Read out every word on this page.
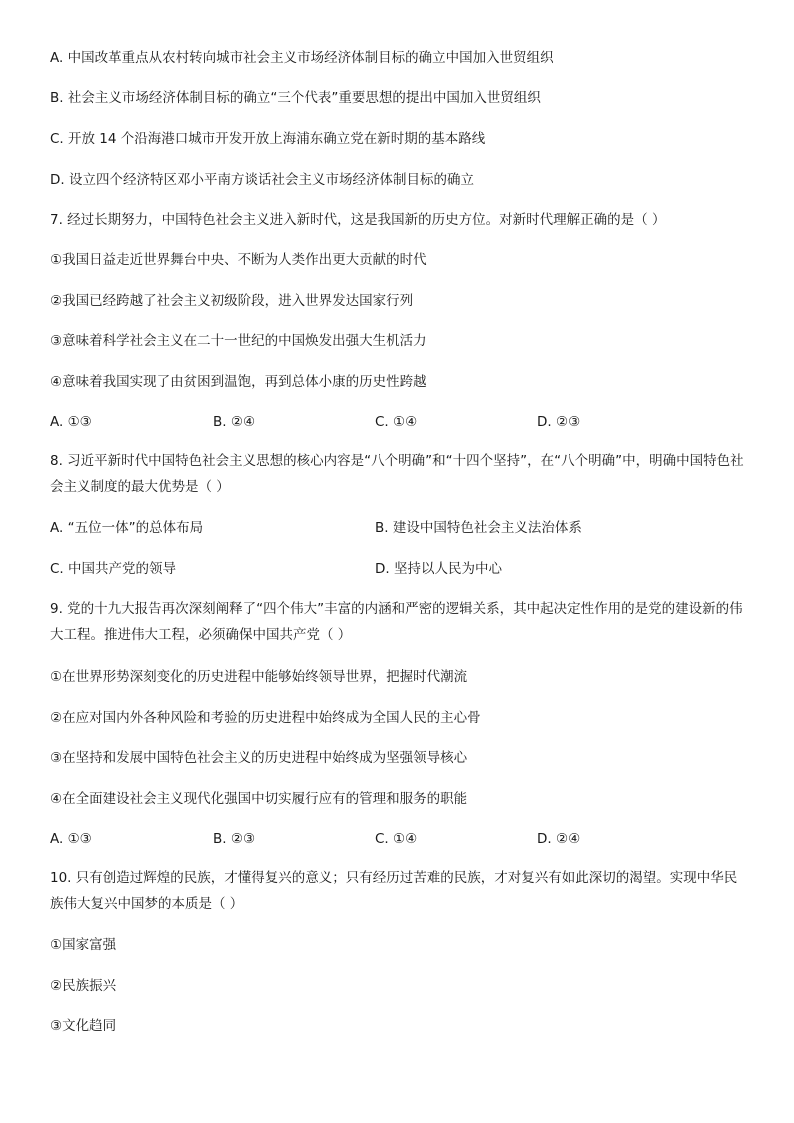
A. 中国改革重点从农村转向城市社会主义市场经济体制目标的确立中国加入世贸组织
B. 社会主义市场经济体制目标的确立“三个代表”重要思想的提出中国加入世贸组织
C. 开放 14 个沿海港口城市开发开放上海浦东确立党在新时期的基本路线
D. 设立四个经济特区邓小平南方谈话社会主义市场经济体制目标的确立
7. 经过长期努力，中国特色社会主义进入新时代，这是我国新的历史方位。对新时代理解正确的是（ ）
①我国日益走近世界舞台中央、不断为人类作出更大贡献的时代
②我国已经跨越了社会主义初级阶段，进入世界发达国家行列
③意味着科学社会主义在二十一世纪的中国焕发出强大生机活力
④意味着我国实现了由贫困到温饱，再到总体小康的历史性跨越
A. ①③	B. ②④	C. ①④	D. ②③
8. 习近平新时代中国特色社会主义思想的核心内容是“八个明确”和“十四个坚持”，在“八个明确”中，明确中国特色社会主义制度的最大优势是（ ）
A. “五位一体”的总体布局	B. 建设中国特色社会主义法治体系
C. 中国共产党的领导	D. 坚持以人民为中心
9. 党的十九大报告再次深刻阐释了“四个伟大”丰富的内涵和严密的逻辑关系，其中起决定性作用的是党的建设新的伟大工程。推进伟大工程，必须确保中国共产党（ ）
①在世界形势深刻变化的历史进程中能够始终领导世界，把握时代潮流
②在应对国内外各种风险和考验的历史进程中始终成为全国人民的主心骨
③在坚持和发展中国特色社会主义的历史进程中始终成为坚强领导核心
④在全面建设社会主义现代化强国中切实履行应有的管理和服务的职能
A. ①③	B. ②③	C. ①④	D. ②④
10. 只有创造过辉煌的民族，才懂得复兴的意义；只有经历过苦难的民族，才对复兴有如此深切的渴望。实现中华民族伟大复兴中国梦的本质是（ ）
①国家富强
②民族振兴
③文化趋同
